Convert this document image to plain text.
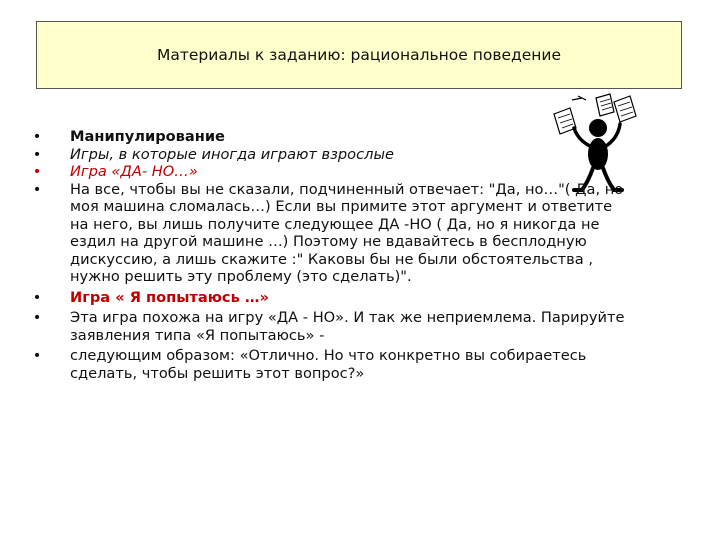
Материалы к заданию: рациональное поведение
• Манипулирование
• Игры, в которые иногда играют взрослые
• Игра «ДА- НО…»
• На все, чтобы вы не сказали, подчиненный отвечает: "Да, но…"( Да, но
моя машина сломалась…) Если вы примите этот аргумент и ответите
на него, вы лишь получите следующее ДА -НО ( Да, но я никогда не
ездил на другой машине …) Поэтому не вдавайтесь в бесплодную
дискуссию, а лишь скажите :" Каковы бы не были обстоятельства ,
нужно решить эту проблему (это сделать)".
• Игра « Я попытаюсь …»
• Эта игра похожа на игру «ДА - НО». И так же неприемлема. Парируйте
заявления типа «Я попытаюсь» -
• следующим образом: «Отлично. Но что конкретно вы собираетесь
сделать, чтобы решить этот вопрос?»
